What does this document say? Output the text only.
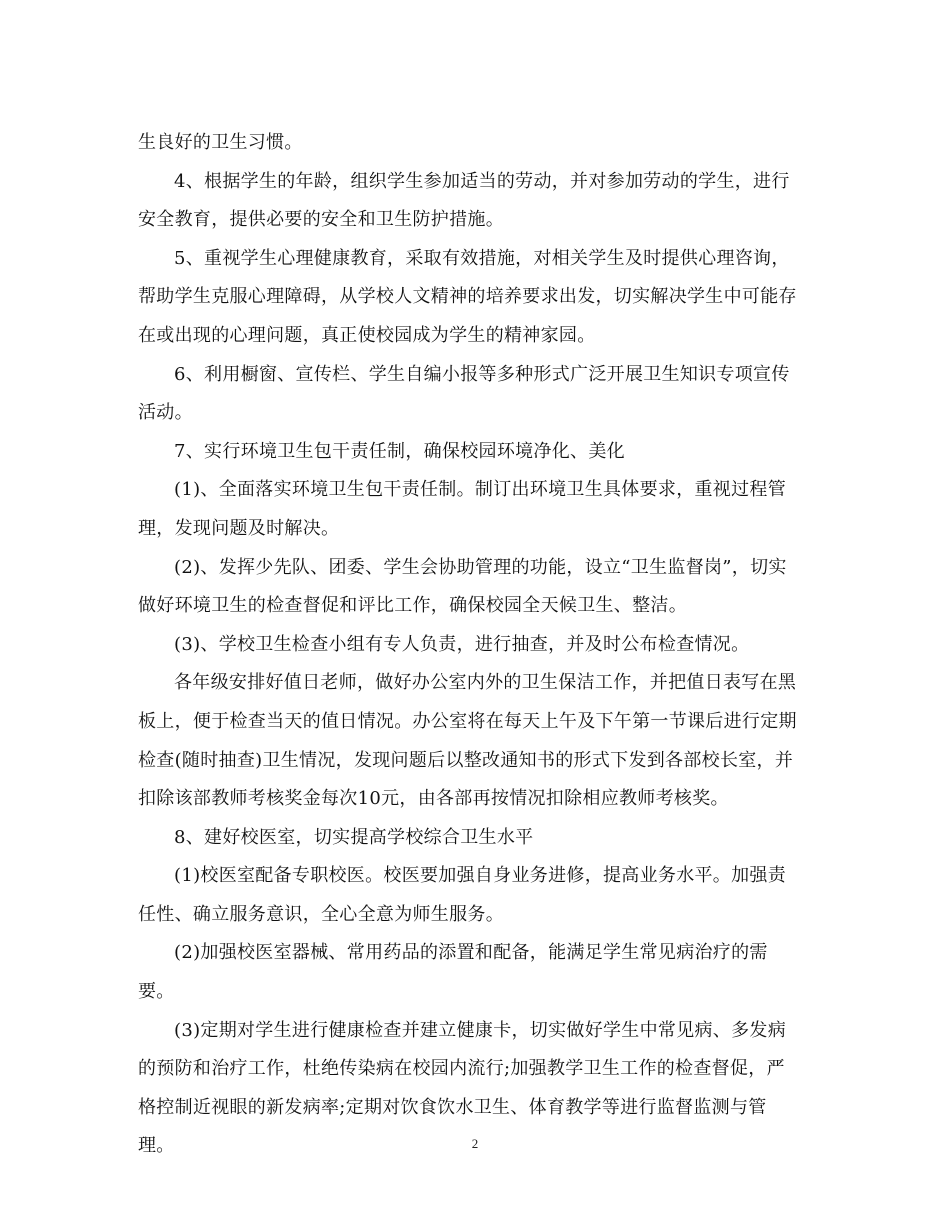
生良好的卫生习惯。
4、根据学生的年龄，组织学生参加适当的劳动，并对参加劳动的学生，进行
安全教育，提供必要的安全和卫生防护措施。
5、重视学生心理健康教育，采取有效措施，对相关学生及时提供心理咨询，
帮助学生克服心理障碍，从学校人文精神的培养要求出发，切实解决学生中可能存
在或出现的心理问题，真正使校园成为学生的精神家园。
6、利用橱窗、宣传栏、学生自编小报等多种形式广泛开展卫生知识专项宣传
活动。
7、实行环境卫生包干责任制，确保校园环境净化、美化
(1)、全面落实环境卫生包干责任制。制订出环境卫生具体要求，重视过程管
理，发现问题及时解决。
(2)、发挥少先队、团委、学生会协助管理的功能，设立“卫生监督岗”，切实
做好环境卫生的检查督促和评比工作，确保校园全天候卫生、整洁。
(3)、学校卫生检查小组有专人负责，进行抽查，并及时公布检查情况。
各年级安排好值日老师，做好办公室内外的卫生保洁工作，并把值日表写在黑
板上，便于检查当天的值日情况。办公室将在每天上午及下午第一节课后进行定期
检查(随时抽查)卫生情况，发现问题后以整改通知书的形式下发到各部校长室，并
扣除该部教师考核奖金每次10元，由各部再按情况扣除相应教师考核奖。
8、建好校医室，切实提高学校综合卫生水平
(1)校医室配备专职校医。校医要加强自身业务进修，提高业务水平。加强责
任性、确立服务意识，全心全意为师生服务。
(2)加强校医室器械、常用药品的添置和配备，能满足学生常见病治疗的需
要。
(3)定期对学生进行健康检查并建立健康卡，切实做好学生中常见病、多发病
的预防和治疗工作，杜绝传染病在校园内流行;加强教学卫生工作的检查督促，严
格控制近视眼的新发病率;定期对饮食饮水卫生、体育教学等进行监督监测与管
理。	2
